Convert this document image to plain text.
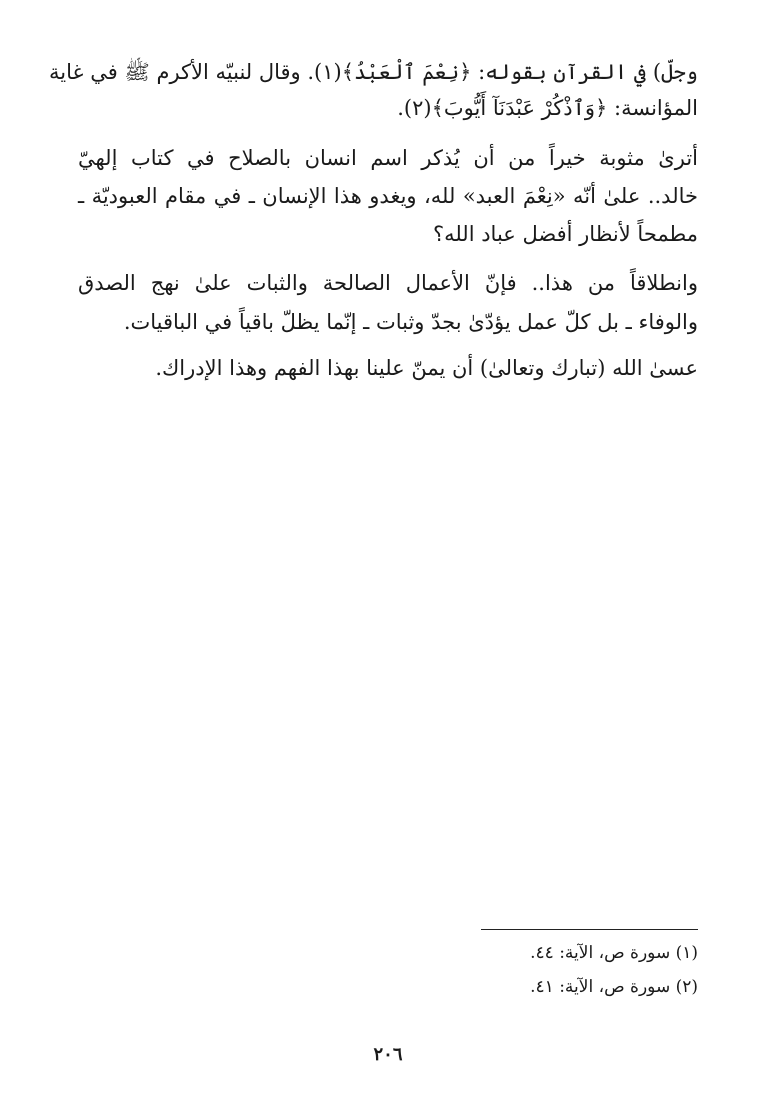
وجلّ) في القرآن بقوله: ﴿نِعْمَ ٱلْعَبْدُ﴾(١). وقال لنبيّه الأكرم ﷺ في غاية
المؤانسة: ﴿وَٱذْكُرْ عَبْدَنَآ أَيُّوبَ﴾(٢).
أترىٰ مثوبة خيراً من أن يُذكر اسم انسان بالصلاح في كتاب إلهيّ
خالد.. علىٰ أنّه «نِعْمَ العبد» لله، ويغدو هذا الإنسان ـ في مقام العبوديّة ـ
مطمحاً لأنظار أفضل عباد الله؟
وانطلاقاً من هذا.. فإنّ الأعمال الصالحة والثبات علىٰ نهج الصدق
والوفاء ـ بل كلّ عمل يؤدّىٰ بجدّ وثبات ـ إنّما يظلّ باقياً في الباقيات.
عسىٰ الله (تبارك وتعالىٰ) أن يمنّ علينا بهذا الفهم وهذا الإدراك.
(١) سورة ص، الآية: ٤٤.
(٢) سورة ص، الآية: ٤١.
٢٠٦
